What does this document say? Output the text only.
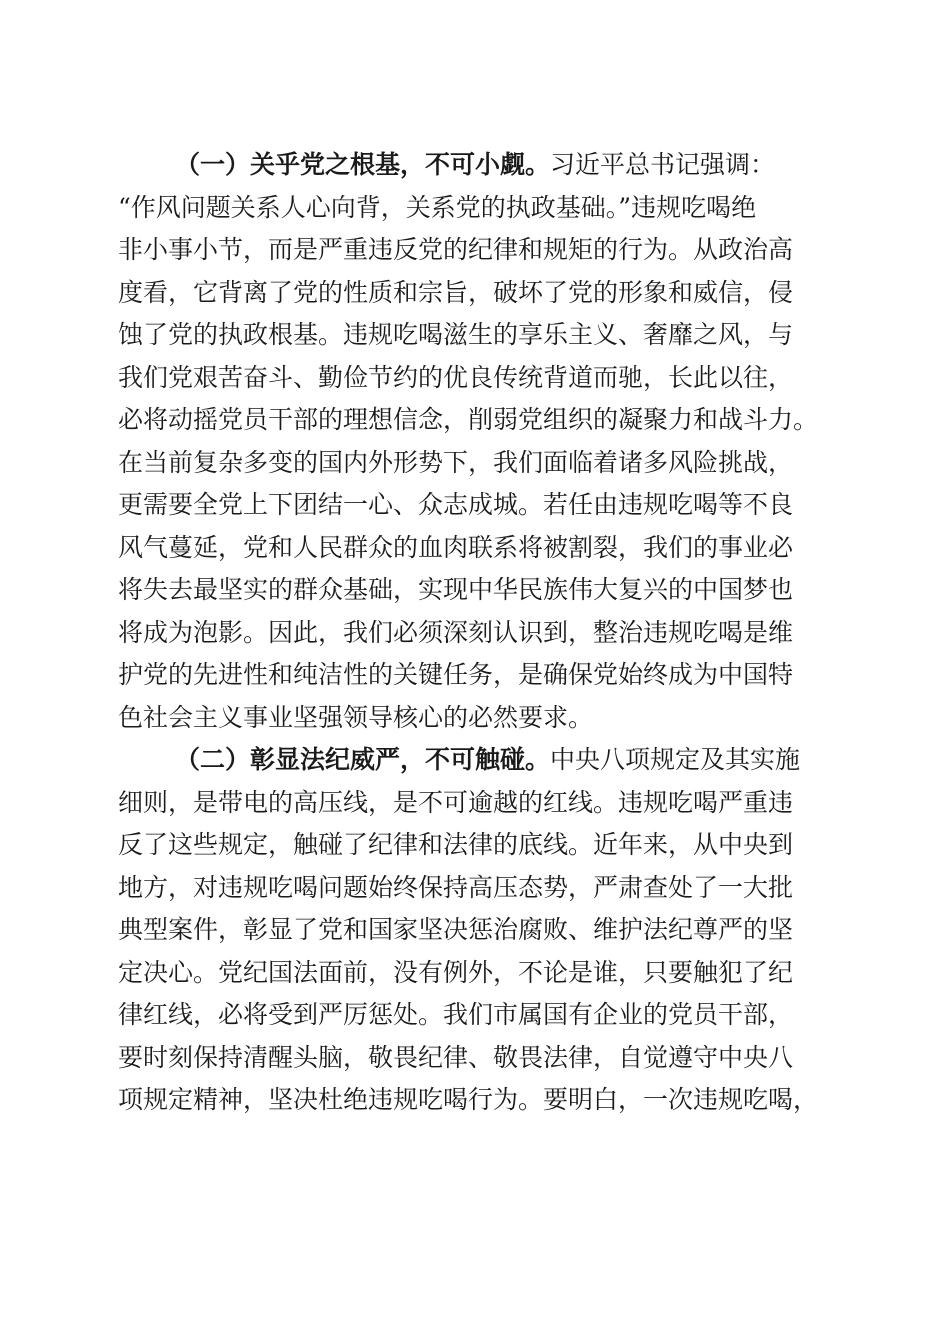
（一）关乎党之根基，不可小觑。习近平总书记强调：
“作风问题关系人心向背，关系党的执政基础。”违规吃喝绝
非小事小节，而是严重违反党的纪律和规矩的行为。从政治高
度看，它背离了党的性质和宗旨，破坏了党的形象和威信，侵
蚀了党的执政根基。违规吃喝滋生的享乐主义、奢靡之风，与
我们党艰苦奋斗、勤俭节约的优良传统背道而驰，长此以往，
必将动摇党员干部的理想信念，削弱党组织的凝聚力和战斗力。
在当前复杂多变的国内外形势下，我们面临着诸多风险挑战，
更需要全党上下团结一心、众志成城。若任由违规吃喝等不良
风气蔓延，党和人民群众的血肉联系将被割裂，我们的事业必
将失去最坚实的群众基础，实现中华民族伟大复兴的中国梦也
将成为泡影。因此，我们必须深刻认识到，整治违规吃喝是维
护党的先进性和纯洁性的关键任务，是确保党始终成为中国特
色社会主义事业坚强领导核心的必然要求。
（二）彰显法纪威严，不可触碰。中央八项规定及其实施
细则，是带电的高压线，是不可逾越的红线。违规吃喝严重违
反了这些规定，触碰了纪律和法律的底线。近年来，从中央到
地方，对违规吃喝问题始终保持高压态势，严肃查处了一大批
典型案件，彰显了党和国家坚决惩治腐败、维护法纪尊严的坚
定决心。党纪国法面前，没有例外，不论是谁，只要触犯了纪
律红线，必将受到严厉惩处。我们市属国有企业的党员干部，
要时刻保持清醒头脑，敬畏纪律、敬畏法律，自觉遵守中央八
项规定精神，坚决杜绝违规吃喝行为。要明白，一次违规吃喝，
